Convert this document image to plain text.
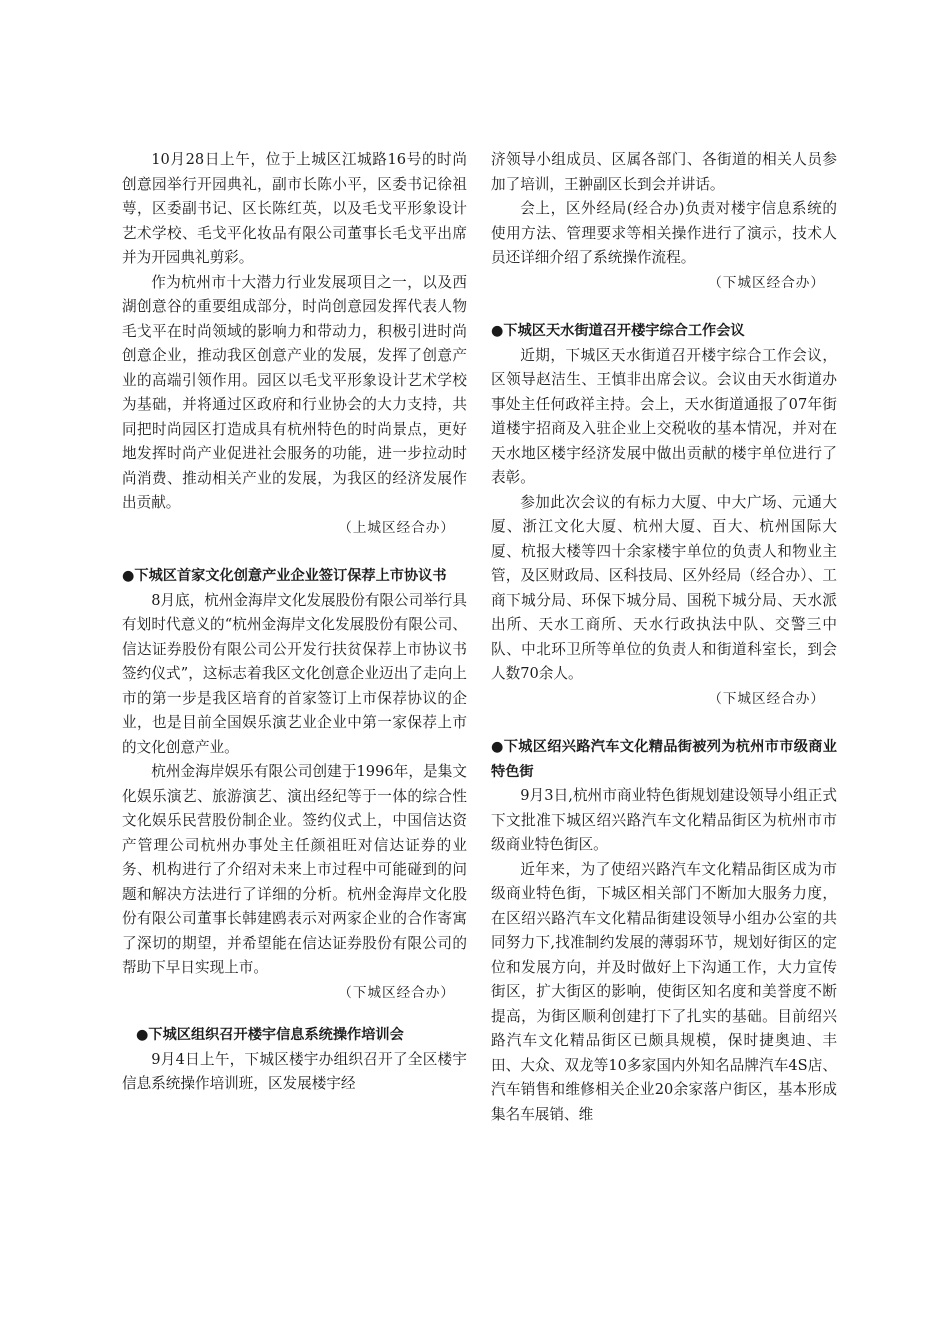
10月28日上午，位于上城区江城路16号的时尚创意园举行开园典礼，副市长陈小平，区委书记徐祖萼，区委副书记、区长陈红英，以及毛戈平形象设计艺术学校、毛戈平化妆品有限公司董事长毛戈平出席并为开园典礼剪彩。

作为杭州市十大潜力行业发展项目之一，以及西湖创意谷的重要组成部分，时尚创意园发挥代表人物毛戈平在时尚领域的影响力和带动力，积极引进时尚创意企业，推动我区创意产业的发展，发挥了创意产业的高端引领作用。园区以毛戈平形象设计艺术学校为基础，并将通过区政府和行业协会的大力支持，共同把时尚园区打造成具有杭州特色的时尚景点，更好地发挥时尚产业促进社会服务的功能，进一步拉动时尚消费、推动相关产业的发展，为我区的经济发展作出贡献。

（上城区经合办）

●下城区首家文化创意产业企业签订保荐上市协议书

8月底，杭州金海岸文化发展股份有限公司举行具有划时代意义的“杭州金海岸文化发展股份有限公司、信达证券股份有限公司公开发行扶贫保荐上市协议书签约仪式”，这标志着我区文化创意企业迈出了走向上市的第一步是我区培育的首家签订上市保荐协议的企业，也是目前全国娱乐演艺业企业中第一家保荐上市的文化创意产业。

杭州金海岸娱乐有限公司创建于1996年，是集文化娱乐演艺、旅游演艺、演出经纪等于一体的综合性文化娱乐民营股份制企业。签约仪式上，中国信达资产管理公司杭州办事处主任颜祖旺对信达证券的业务、机构进行了介绍对未来上市过程中可能碰到的问题和解决方法进行了详细的分析。杭州金海岸文化股份有限公司董事长韩建鸥表示对两家企业的合作寄寓了深切的期望，并希望能在信达证券股份有限公司的帮助下早日实现上市。

（下城区经合办）

●下城区组织召开楼宇信息系统操作培训会

9月4日上午，下城区楼宇办组织召开了全区楼宇信息系统操作培训班，区发展楼宇经

济领导小组成员、区属各部门、各街道的相关人员参加了培训，王翀副区长到会并讲话。

会上，区外经局(经合办)负责对楼宇信息系统的使用方法、管理要求等相关操作进行了演示，技术人员还详细介绍了系统操作流程。

（下城区经合办）

●下城区天水街道召开楼宇综合工作会议

近期，下城区天水街道召开楼宇综合工作会议，区领导赵洁生、王慎非出席会议。会议由天水街道办事处主任何政祥主持。会上，天水街道通报了07年街道楼宇招商及入驻企业上交税收的基本情况，并对在天水地区楼宇经济发展中做出贡献的楼宇单位进行了表彰。

参加此次会议的有标力大厦、中大广场、元通大厦、浙江文化大厦、杭州大厦、百大、杭州国际大厦、杭报大楼等四十余家楼宇单位的负责人和物业主管，及区财政局、区科技局、区外经局（经合办）、工商下城分局、环保下城分局、国税下城分局、天水派出所、天水工商所、天水行政执法中队、交警三中队、中北环卫所等单位的负责人和街道科室长，到会人数70余人。

（下城区经合办）

●下城区绍兴路汽车文化精品街被列为杭州市市级商业特色街

9月3日,杭州市商业特色街规划建设领导小组正式下文批准下城区绍兴路汽车文化精品街区为杭州市市级商业特色街区。

近年来，为了使绍兴路汽车文化精品街区成为市级商业特色街，下城区相关部门不断加大服务力度，在区绍兴路汽车文化精品街建设领导小组办公室的共同努力下,找准制约发展的薄弱环节，规划好街区的定位和发展方向，并及时做好上下沟通工作，大力宣传街区，扩大街区的影响，使街区知名度和美誉度不断提高，为街区顺利创建打下了扎实的基础。目前绍兴路汽车文化精品街区已颇具规模，保时捷奥迪、丰田、大众、双龙等10多家国内外知名品牌汽车4S店、汽车销售和维修相关企业20余家落户街区，基本形成集名车展销、维
